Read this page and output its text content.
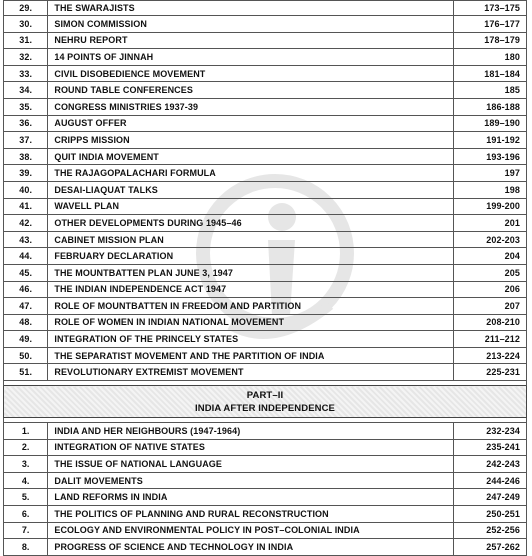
29.	THE SWARAJISTS	173–175
30.	SIMON COMMISSION	176–177
31.	NEHRU REPORT	178–179
32.	14 POINTS OF JINNAH	180
33.	CIVIL DISOBEDIENCE MOVEMENT	181–184
34.	ROUND TABLE CONFERENCES	185
35.	CONGRESS MINISTRIES 1937-39	186-188
36.	AUGUST OFFER	189–190
37.	CRIPPS MISSION	191-192
38.	QUIT INDIA MOVEMENT	193-196
39.	THE RAJAGOPALACHARI FORMULA	197
40.	DESAI-LIAQUAT TALKS	198
41.	WAVELL PLAN	199-200
42.	OTHER DEVELOPMENTS DURING 1945–46	201
43.	CABINET MISSION PLAN	202-203
44.	FEBRUARY DECLARATION	204
45.	THE MOUNTBATTEN PLAN JUNE 3, 1947	205
46.	THE INDIAN INDEPENDENCE ACT 1947	206
47.	ROLE OF MOUNTBATTEN IN FREEDOM AND PARTITION	207
48.	ROLE OF WOMEN IN INDIAN NATIONAL MOVEMENT	208-210
49.	INTEGRATION OF THE PRINCELY STATES	211–212
50.	THE SEPARATIST MOVEMENT AND THE PARTITION OF INDIA	213-224
51.	REVOLUTIONARY EXTREMIST MOVEMENT	225-231

PART–II
INDIA AFTER INDEPENDENCE		

1.	INDIA AND HER NEIGHBOURS (1947-1964)	232-234
2.	INTEGRATION OF NATIVE STATES	235-241
3.	THE ISSUE OF NATIONAL LANGUAGE	242-243
4.	DALIT MOVEMENTS	244-246
5.	LAND REFORMS IN INDIA	247-249
6.	THE POLITICS OF PLANNING AND RURAL RECONSTRUCTION	250-251
7.	ECOLOGY AND ENVIRONMENTAL POLICY IN POST–COLONIAL INDIA	252-256
8.	PROGRESS OF SCIENCE AND TECHNOLOGY IN INDIA	257-262
